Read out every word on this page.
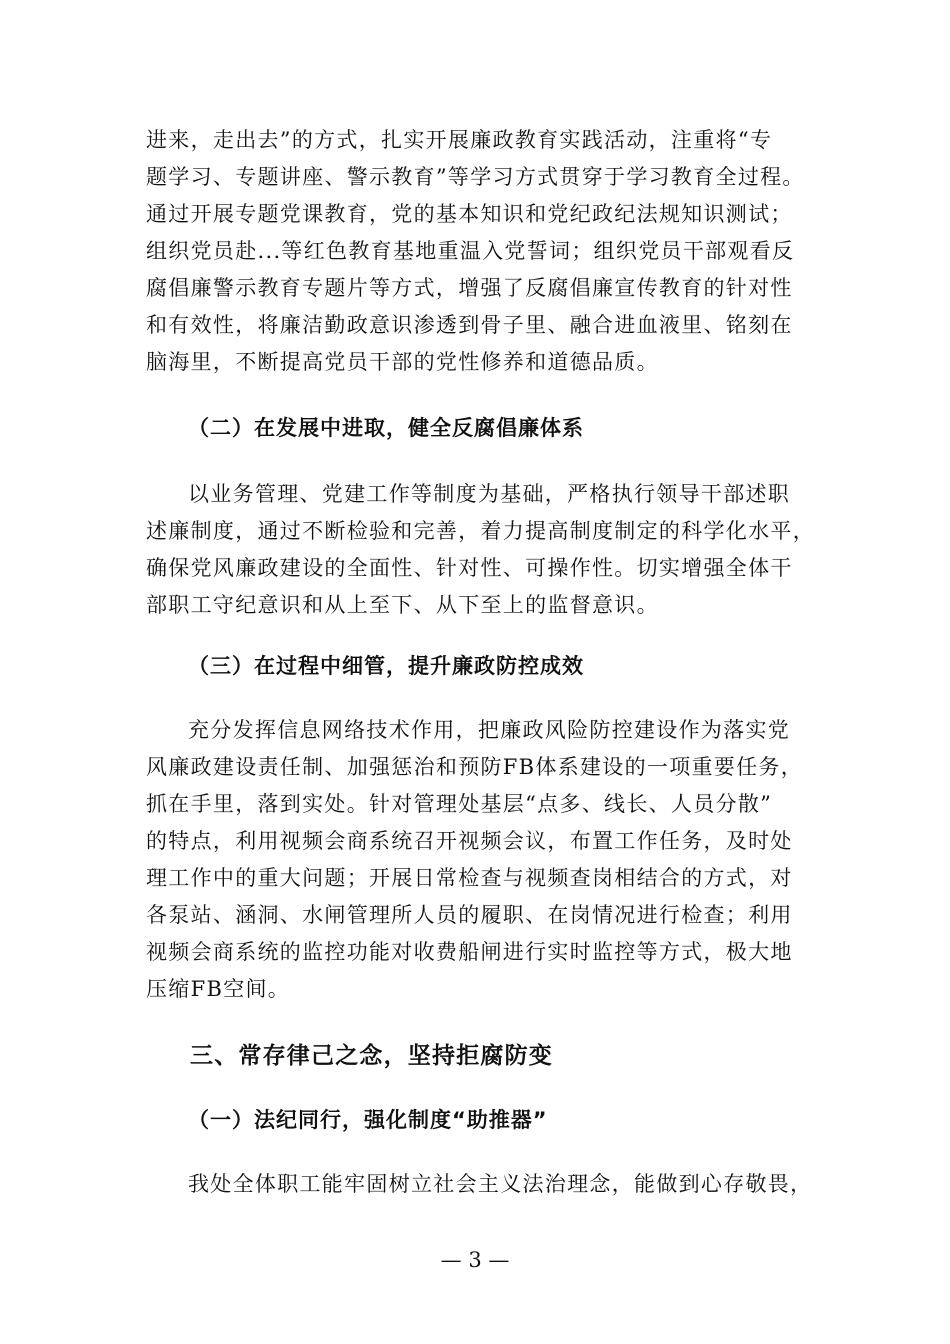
进来，走出去”的方式，扎实开展廉政教育实践活动，注重将“专
题学习、专题讲座、警示教育”等学习方式贯穿于学习教育全过程。
通过开展专题党课教育，党的基本知识和党纪政纪法规知识测试；
组织党员赴...等红色教育基地重温入党誓词；组织党员干部观看反
腐倡廉警示教育专题片等方式，增强了反腐倡廉宣传教育的针对性
和有效性，将廉洁勤政意识渗透到骨子里、融合进血液里、铭刻在
脑海里，不断提高党员干部的党性修养和道德品质。
（二）在发展中进取，健全反腐倡廉体系
以业务管理、党建工作等制度为基础，严格执行领导干部述职
述廉制度，通过不断检验和完善，着力提高制度制定的科学化水平，
确保党风廉政建设的全面性、针对性、可操作性。切实增强全体干
部职工守纪意识和从上至下、从下至上的监督意识。
（三）在过程中细管，提升廉政防控成效
充分发挥信息网络技术作用，把廉政风险防控建设作为落实党
风廉政建设责任制、加强惩治和预防FB体系建设的一项重要任务，
抓在手里，落到实处。针对管理处基层“点多、线长、人员分散”
的特点，利用视频会商系统召开视频会议，布置工作任务，及时处
理工作中的重大问题；开展日常检查与视频查岗相结合的方式，对
各泵站、涵洞、水闸管理所人员的履职、在岗情况进行检查；利用
视频会商系统的监控功能对收费船闸进行实时监控等方式，极大地
压缩FB空间。
三、常存律己之念，坚持拒腐防变
（一）法纪同行，强化制度“助推器”
我处全体职工能牢固树立社会主义法治理念，能做到心存敬畏，
— 3 —
